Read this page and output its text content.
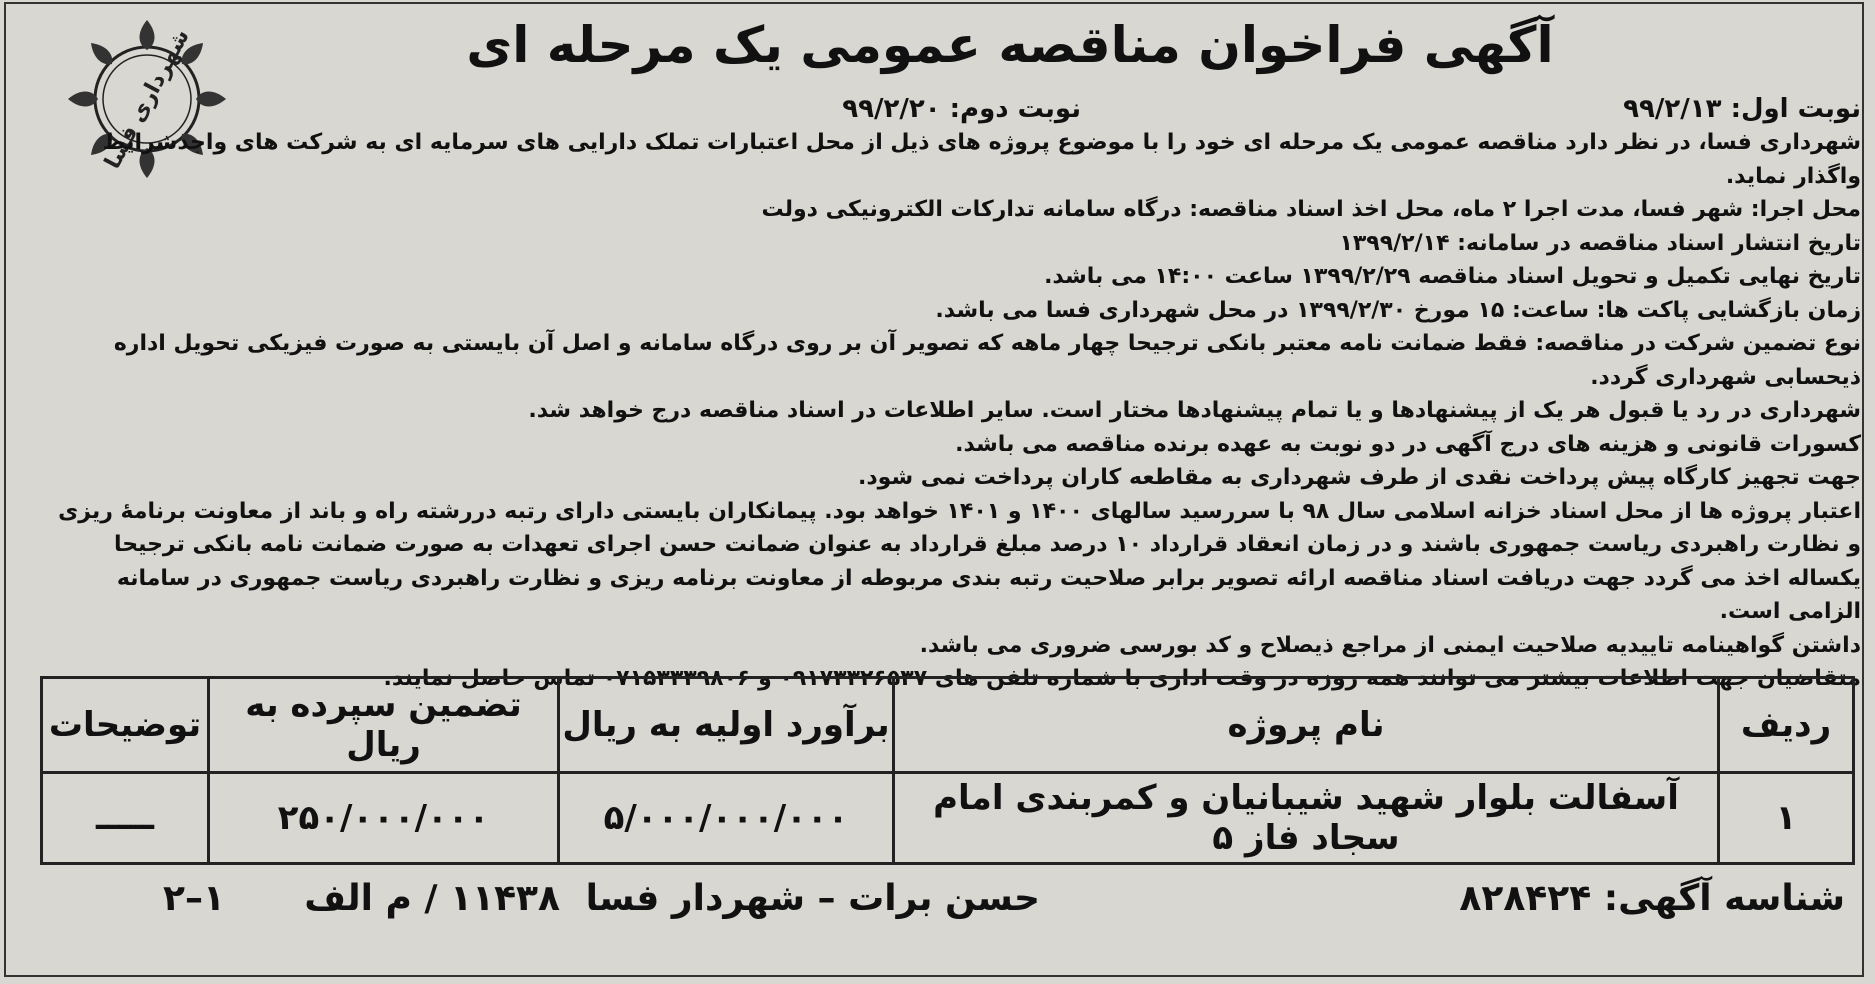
شهرداری فسا	آگهی فراخوان مناقصه عمومی یک مرحله ای
نوبت اول: ۹۹/۲/۱۳
نوبت دوم: ۹۹/۲/۲۰

شهرداری فسا، در نظر دارد مناقصه عمومی یک مرحله ای خود را با موضوع پروژه های ذیل از محل اعتبارات تملک دارایی های سرمایه ای به شرکت های واجدشرایط واگذار نماید.

محل اجرا: شهر فسا، مدت اجرا ۲ ماه، محل اخذ اسناد مناقصه: درگاه سامانه تدارکات الکترونیکی دولت

تاریخ انتشار اسناد مناقصه در سامانه: ۱۳۹۹/۲/۱۴

تاریخ نهایی تکمیل و تحویل اسناد مناقصه ۱۳۹۹/۲/۲۹ ساعت ۱۴:۰۰ می باشد.

زمان بازگشایی پاکت ها: ساعت: ۱۵ مورخ ۱۳۹۹/۲/۳۰ در محل شهرداری فسا می باشد.

نوع تضمین شرکت در مناقصه: فقط ضمانت نامه معتبر بانکی ترجیحا چهار ماهه که تصویر آن بر روی درگاه سامانه و اصل آن بایستی به صورت فیزیکی تحویل اداره ذیحسابی شهرداری گردد.

شهرداری در رد یا قبول هر یک از پیشنهادها و یا تمام پیشنهادها مختار است. سایر اطلاعات در اسناد مناقصه درج خواهد شد.

کسورات قانونی و هزینه های درج آگهی در دو نوبت به عهده برنده مناقصه می باشد.

جهت تجهیز کارگاه پیش پرداخت نقدی از طرف شهرداری به مقاطعه کاران پرداخت نمی شود.

اعتبار پروژه ها از محل اسناد خزانه اسلامی سال ۹۸ با سررسید سالهای ۱۴۰۰ و ۱۴۰۱ خواهد بود. پیمانکاران بایستی دارای رتبه دررشته راه و باند از معاونت برنامهٔ ریزی و نظارت راهبردی ریاست جمهوری باشند و در زمان انعقاد قرارداد ۱۰ درصد مبلغ قرارداد به عنوان ضمانت حسن اجرای تعهدات به صورت ضمانت نامه بانکی ترجیحا یکساله اخذ می گردد جهت دریافت اسناد مناقصه ارائه تصویر برابر صلاحیت رتبه بندی مربوطه از معاونت برنامه ریزی و نظارت راهبردی ریاست جمهوری در سامانه الزامی است.

داشتن گواهینامه تاییدیه صلاحیت ایمنی از مراجع ذیصلاح و کد بورسی ضروری می باشد.

متقاضیان جهت اطلاعات بیشتر می توانند همه روزه در وقت اداری با شماره تلفن های ۰۹۱۷۳۳۲۶۵۳۷ و ۰۷۱۵۳۳۳۹۸۰۶ تماس حاصل نمایند.

ردیف	نام پروژه	برآورد اولیه به ریال	تضمین سپرده به ریال	توضیحات
۱	آسفالت بلوار شهید شیبانیان و کمربندی امام سجاد فاز ۵	۵/۰۰۰/۰۰۰/۰۰۰	۲۵۰/۰۰۰/۰۰۰	ـــــ
شناسه آگهی: ۸۲۸۴۲۴
حسن برات – شهردار فسا
۱۱۴۳۸ / م الف
۱–۲
